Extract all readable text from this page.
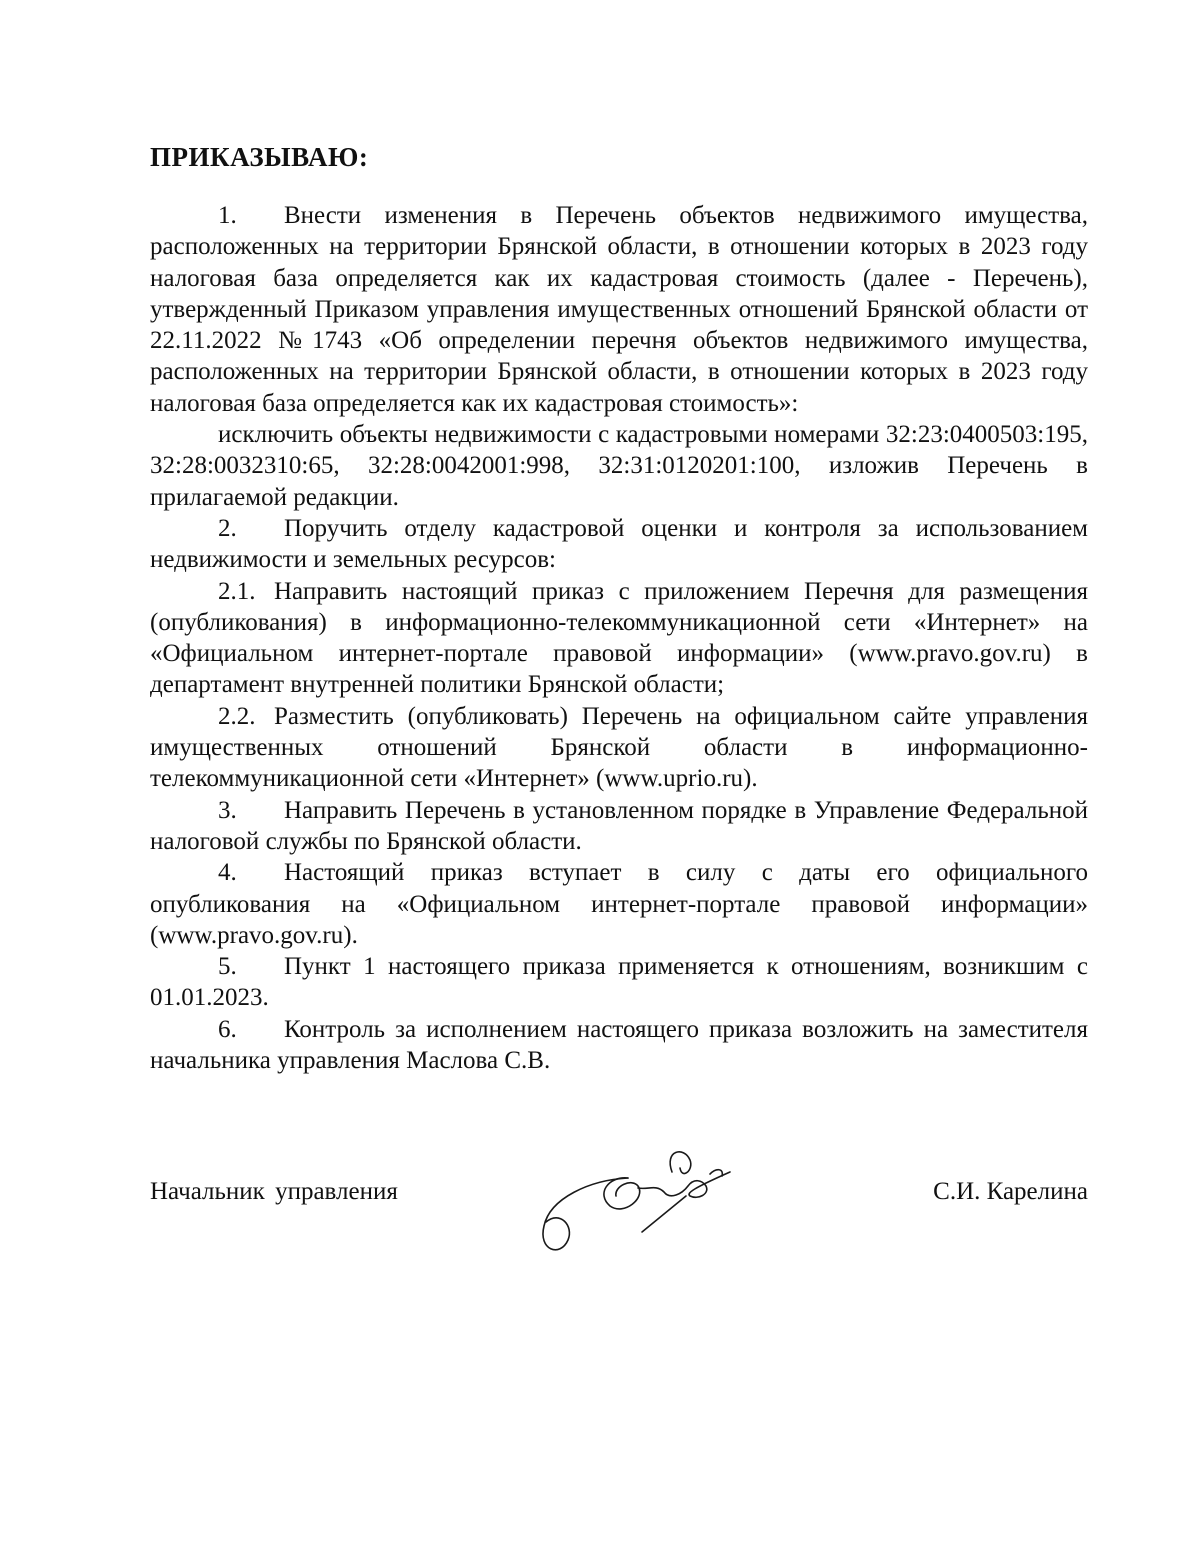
ПРИКАЗЫВАЮ:

1. Внести изменения в Перечень объектов недвижимого имущества, расположенных на территории Брянской области, в отношении которых в 2023 году налоговая база определяется как их кадастровая стоимость (далее - Перечень), утвержденный Приказом управления имущественных отношений Брянской области от 22.11.2022 №1743 «Об определении перечня объектов недвижимого имущества, расположенных на территории Брянской области, в отношении которых в 2023 году налоговая база определяется как их кадастровая стоимость»:

исключить объекты недвижимости с кадастровыми номерами 32:23:0400503:195, 32:28:0032310:65, 32:28:0042001:998, 32:31:0120201:100, изложив Перечень в прилагаемой редакции.

2. Поручить отделу кадастровой оценки и контроля за использованием недвижимости и земельных ресурсов:

2.1. Направить настоящий приказ с приложением Перечня для размещения (опубликования) в информационно-телекоммуникационной сети «Интернет» на «Официальном интернет-портале правовой информации» (www.pravo.gov.ru) в департамент внутренней политики Брянской области;

2.2. Разместить (опубликовать) Перечень на официальном сайте управления имущественных отношений Брянской области в информационно-телекоммуникационной сети «Интернет» (www.uprio.ru).

3. Направить Перечень в установленном порядке в Управление Федеральной налоговой службы по Брянской области.

4. Настоящий приказ вступает в силу с даты его официального опубликования на «Официальном интернет-портале правовой информации» (www.pravo.gov.ru).

5. Пункт 1 настоящего приказа применяется к отношениям, возникшим с 01.01.2023.

6. Контроль за исполнением настоящего приказа возложить на заместителя начальника управления Маслова С.В.

Начальник управления	С.И. Карелина
